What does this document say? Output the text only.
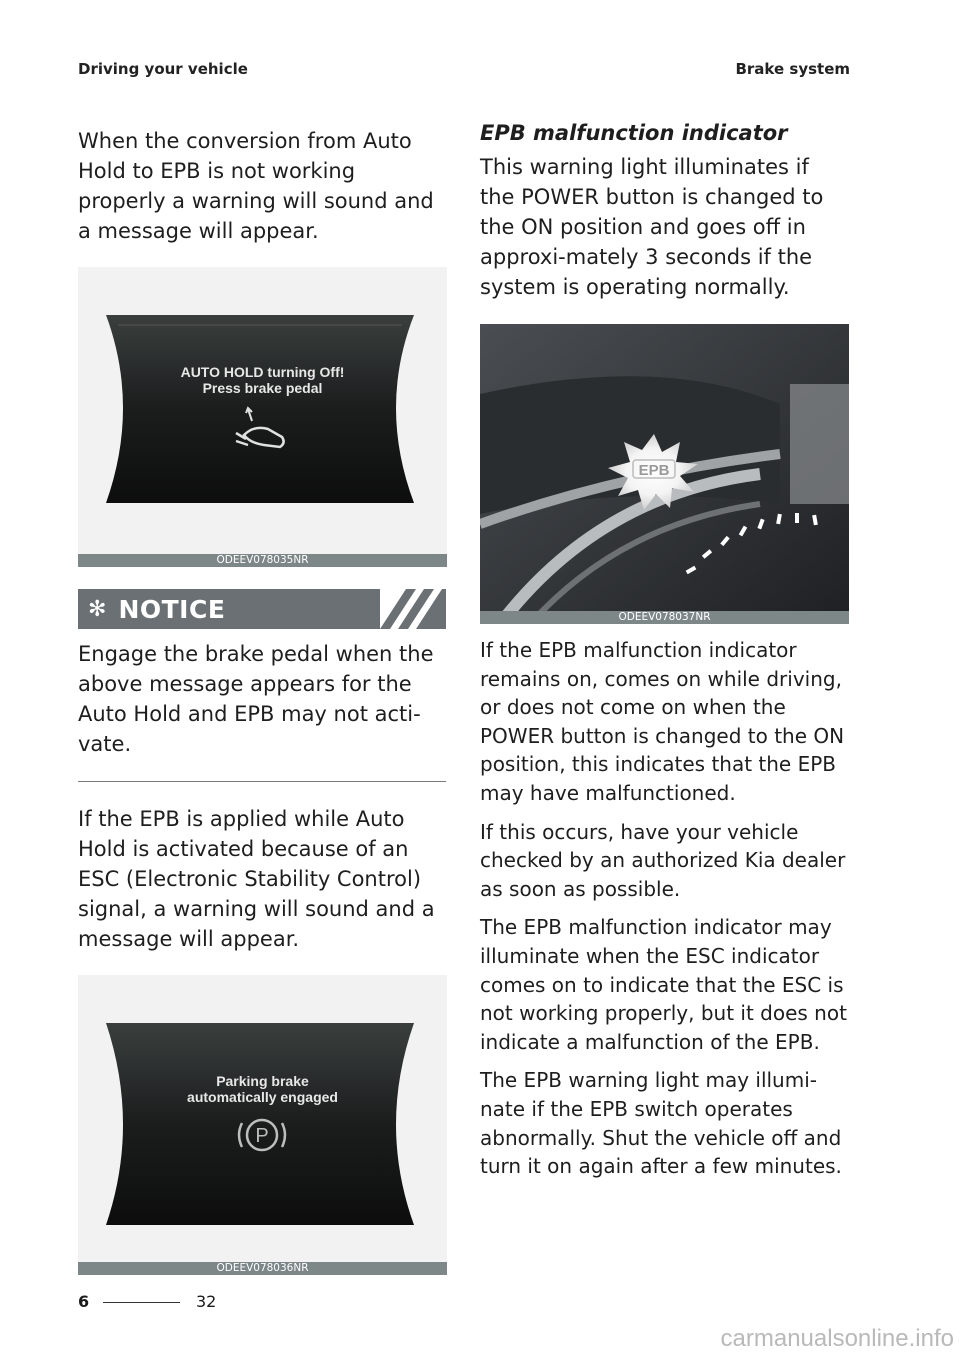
Driving your vehicle	Brake system

When the conversion from Auto Hold to EPB is not working properly a warning will sound and a message will appear.

AUTO HOLD turning Off!
Press brake pedal
ODEEV078035NR
✻ NOTICE

Engage the brake pedal when the above message appears for the Auto Hold and EPB may not acti-vate.

If the EPB is applied while Auto Hold is activated because of an ESC (Electronic Stability Control) signal, a warning will sound and a message will appear.

P
Parking brake
automatically engaged
ODEEV078036NR
EPB malfunction indicator

This warning light illuminates if the POWER button is changed to the ON position and goes off in approxi-mately 3 seconds if the system is operating normally.

EPB
ODEEV078037NR

If the EPB malfunction indicator remains on, comes on while driving, or does not come on when the POWER button is changed to the ON position, this indicates that the EPB may have malfunctioned.

If this occurs, have your vehicle checked by an authorized Kia dealer as soon as possible.

The EPB malfunction indicator may illuminate when the ESC indicator comes on to indicate that the ESC is not working properly, but it does not indicate a malfunction of the EPB.

The EPB warning light may illumi-nate if the EPB switch operates abnormally. Shut the vehicle off and turn it on again after a few minutes.

6	32
carmanualsonline.info
